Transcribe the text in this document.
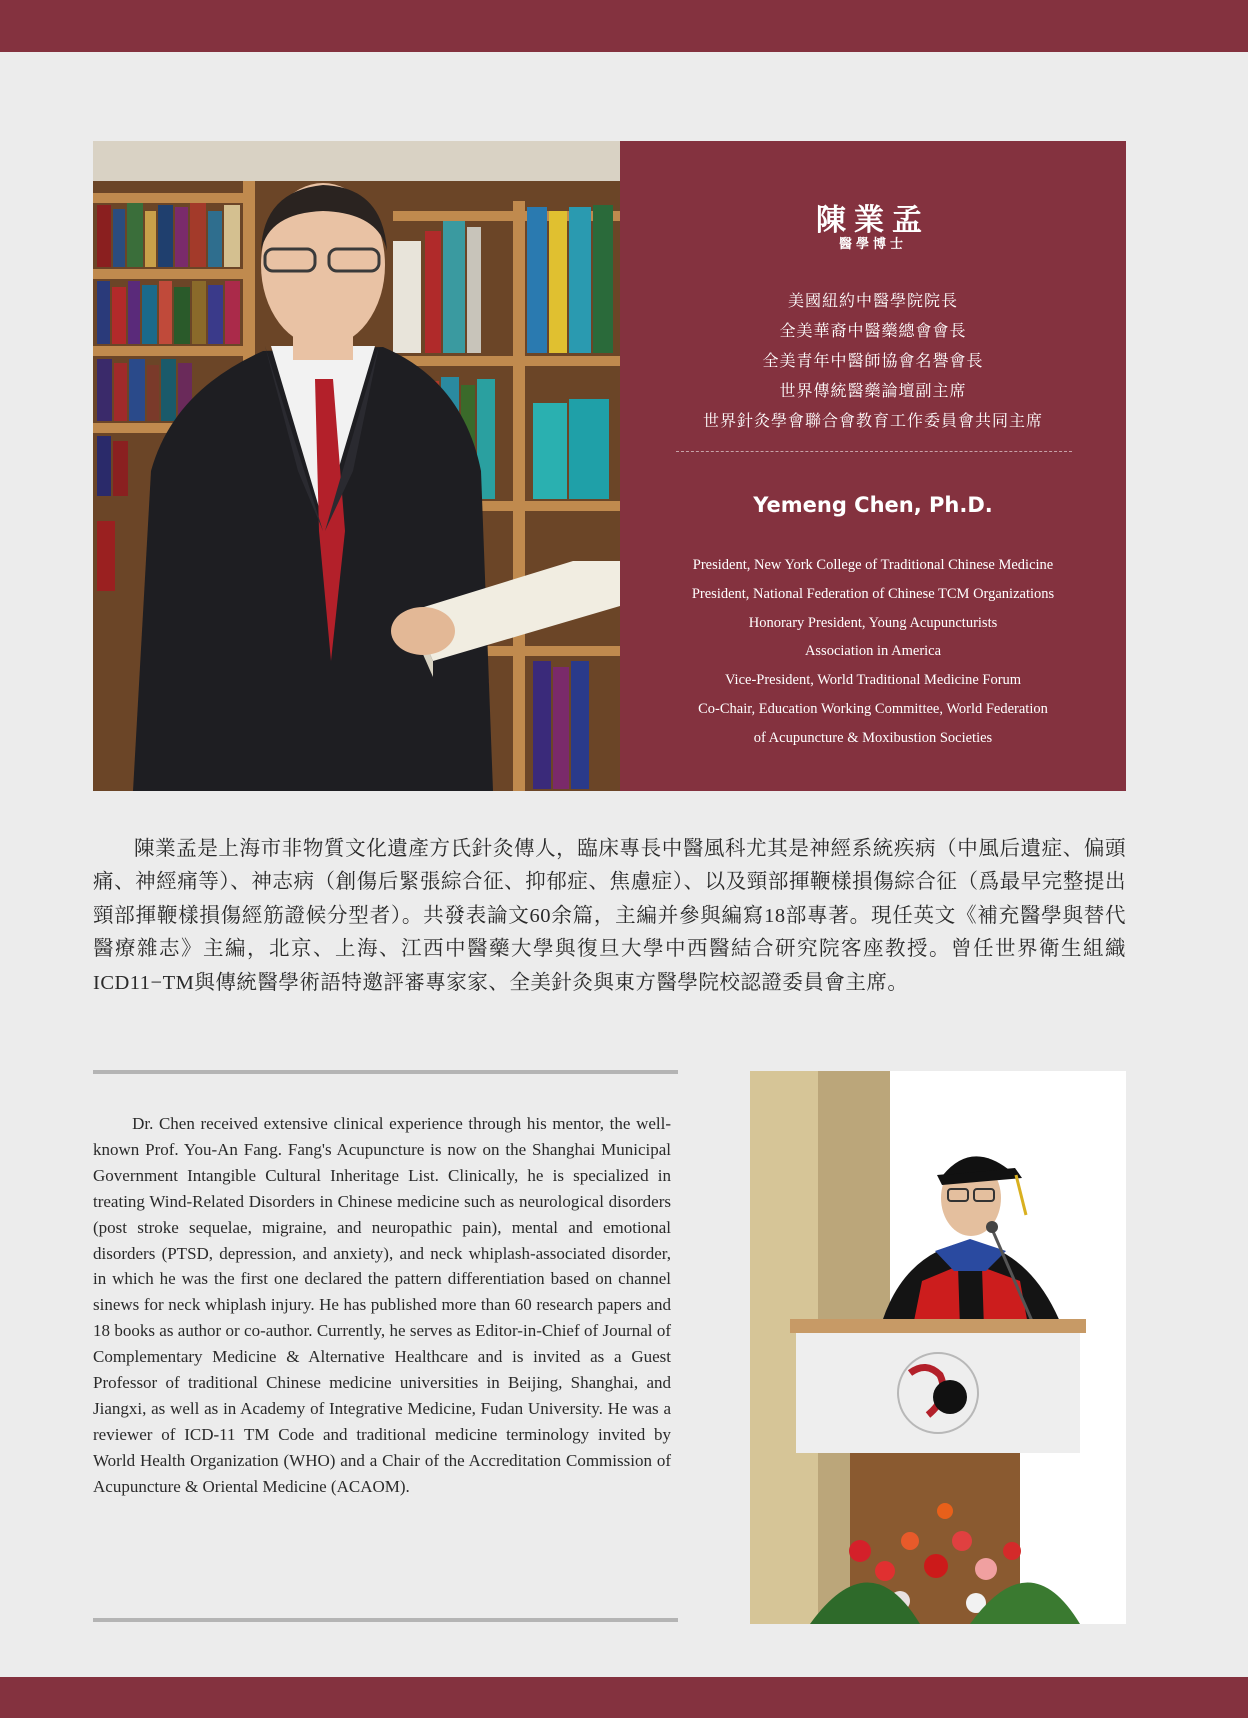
陳業孟
醫學博士
美國紐約中醫學院院長
全美華裔中醫藥總會會長
全美青年中醫師協會名譽會長
世界傳統醫藥論壇副主席
世界針灸學會聯合會教育工作委員會共同主席
Yemeng Chen, Ph.D.
President, New York College of Traditional Chinese Medicine
President, National Federation of Chinese TCM Organizations
Honorary President, Young Acupuncturists
Association in America
Vice-President, World Traditional Medicine Forum
Co-Chair, Education Working Committee, World Federation
of Acupuncture & Moxibustion Societies

陳業孟是上海市非物質文化遺產方氏針灸傳人，臨床專長中醫風科尤其是神經系統疾病（中風后遺症、偏頭痛、神經痛等）、神志病（創傷后緊張綜合征、抑郁症、焦慮症）、以及頸部揮鞭樣損傷綜合征（爲最早完整提出頸部揮鞭樣損傷經筋證候分型者）。共發表論文60余篇，主編并參與編寫18部專著。現任英文《補充醫學與替代醫療雜志》主編，北京、上海、江西中醫藥大學與復旦大學中西醫結合研究院客座教授。曾任世界衛生組織ICD11−TM與傳統醫學術語特邀評審專家家、全美針灸與東方醫學院校認證委員會主席。

Dr. Chen received extensive clinical experience through his mentor, the well-known Prof. You-An Fang. Fang's Acupuncture is now on the Shanghai Municipal Government Intangible Cultural Inheritage List. Clinically, he is specialized in treating Wind-Related Disorders in Chinese medicine such as neurological disorders (post stroke sequelae, migraine, and neuropathic pain), mental and emotional disorders (PTSD, depression, and anxiety), and neck whiplash-associated disorder, in which he was the first one declared the pattern differentiation based on channel sinews for neck whiplash injury. He has published more than 60 research papers and 18 books as author or co-author. Currently, he serves as Editor-in-Chief of Journal of Complementary Medicine & Alternative Healthcare and is invited as a Guest Professor of traditional Chinese medicine universities in Beijing, Shanghai, and Jiangxi, as well as in Academy of Integrative Medicine, Fudan University. He was a reviewer of ICD-11 TM Code and traditional medicine terminology invited by World Health Organization (WHO) and a Chair of the Accreditation Commission of Acupuncture & Oriental Medicine (ACAOM).
